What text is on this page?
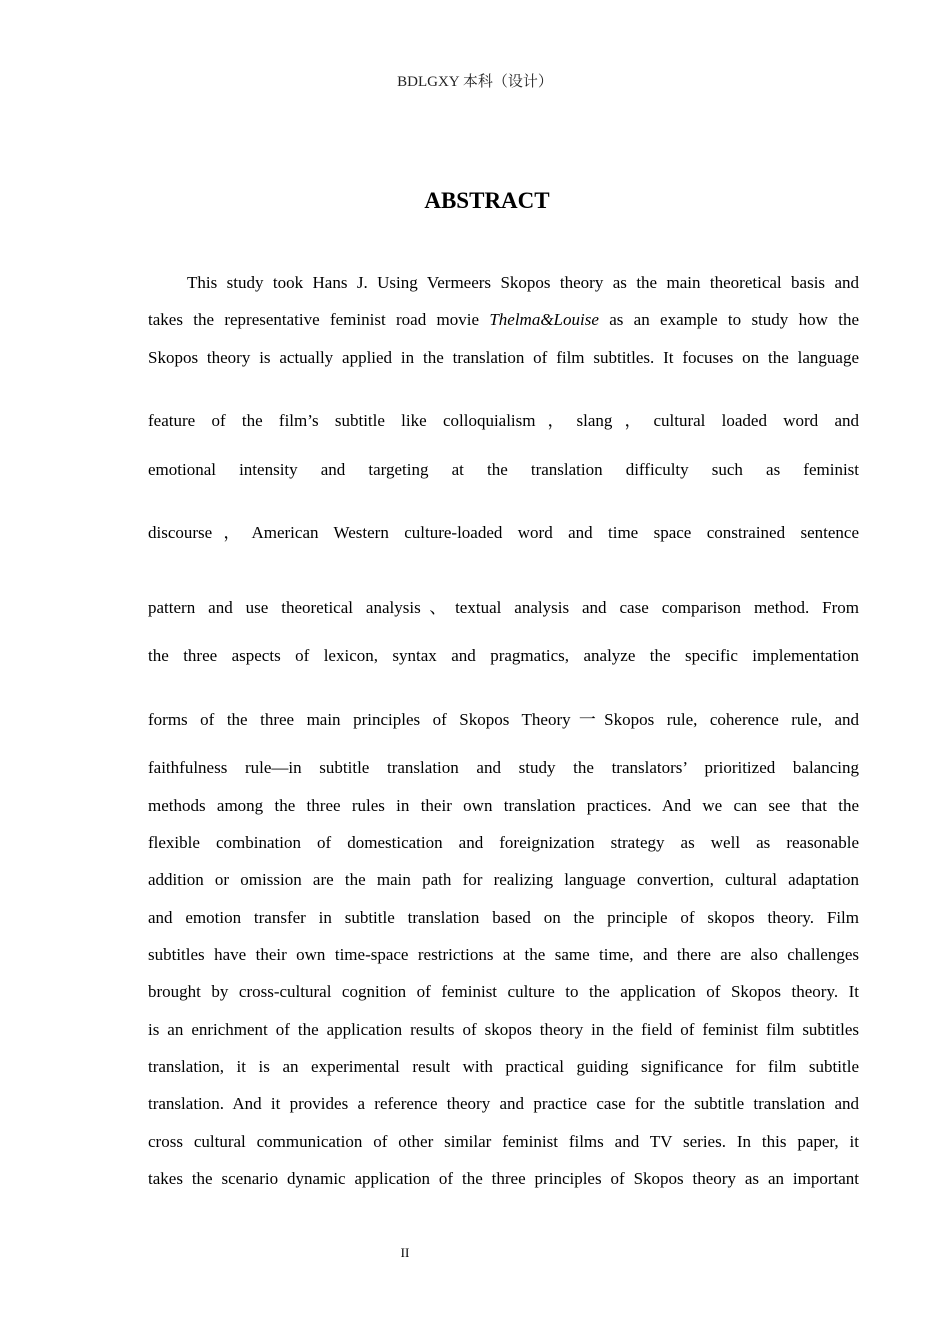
BDLGXY 本科（设计）
ABSTRACT
This study took Hans J. Using Vermeers Skopos theory as the main theoretical basis and
takes the representative feminist road movie Thelma&Louise as an example to study how the
Skopos theory is actually applied in the translation of film subtitles. It focuses on the language
feature of the film’s subtitle like colloquialism，slang，cultural loaded word and
emotional intensity and targeting at the translation difficulty such as feminist
discourse，American Western culture-loaded word and time space constrained sentence
pattern and use theoretical analysis、textual analysis and case comparison method. From
the three aspects of lexicon, syntax and pragmatics, analyze the specific implementation
forms of the three main principles of Skopos Theory一Skopos rule, coherence rule, and
faithfulness rule—in subtitle translation and study the translators’ prioritized balancing
methods among the three rules in their own translation practices. And we can see that the
flexible combination of domestication and foreignization strategy as well as reasonable
addition or omission are the main path for realizing language convertion, cultural adaptation
and emotion transfer in subtitle translation based on the principle of skopos theory. Film
subtitles have their own time-space restrictions at the same time, and there are also challenges
brought by cross-cultural cognition of feminist culture to the application of Skopos theory. It
is an enrichment of the application results of skopos theory in the field of feminist film subtitles
translation, it is an experimental result with practical guiding significance for film subtitle
translation. And it provides a reference theory and practice case for the subtitle translation and
cross cultural communication of other similar feminist films and TV series. In this paper, it
takes the scenario dynamic application of the three principles of Skopos theory as an important
II
